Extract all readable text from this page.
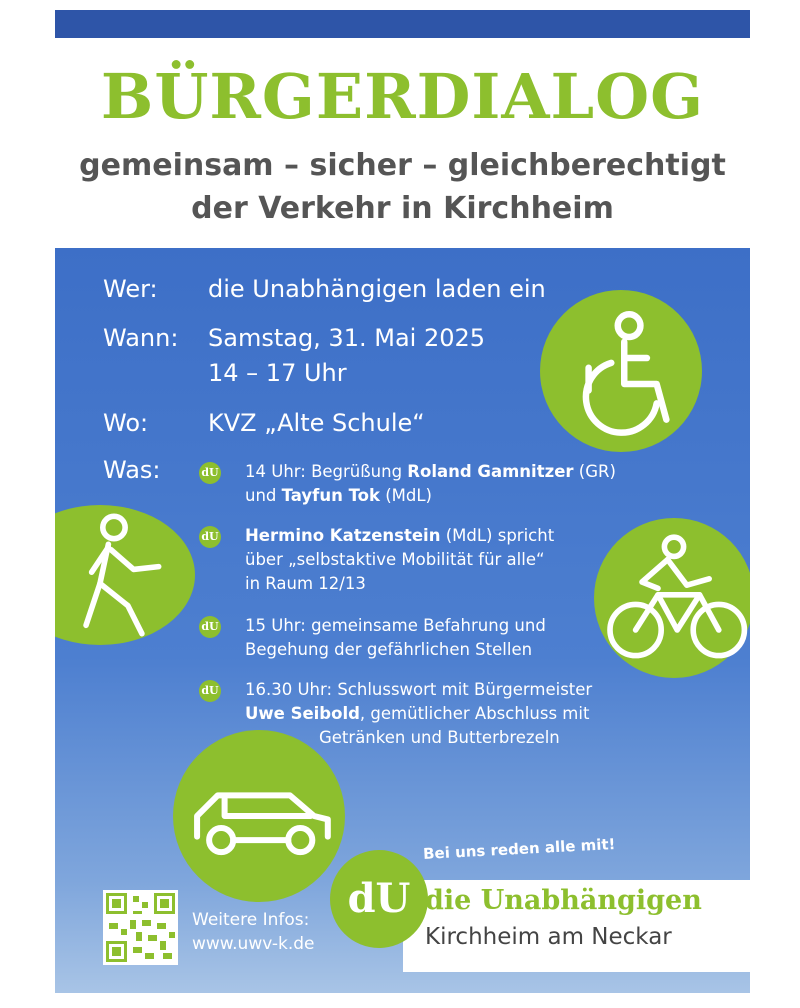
BÜRGERDIALOG
gemeinsam – sicher – gleichberechtigt
der Verkehr in Kirchheim
Wer: die Unabhängigen laden ein
Wann: Samstag, 31. Mai 2025
14 – 17 Uhr
Wo: KVZ „Alte Schule“
Was:	dU 14 Uhr: Begrüßung Roland Gamnitzer (GR)
und Tayfun Tok (MdL)
dU Hermino Katzenstein (MdL) spricht
über „selbstaktive Mobilität für alle“
in Raum 12/13
dU 15 Uhr: gemeinsame Befahrung und
Begehung der gefährlichen Stellen
dU 16.30 Uhr: Schlusswort mit Bürgermeister
Uwe Seibold, gemütlicher Abschluss mit
Getränken und Butterbrezeln
Bei uns reden alle mit!
dU die Unabhängigen
Kirchheim am Neckar
Weitere Infos:
www.uwv-k.de
